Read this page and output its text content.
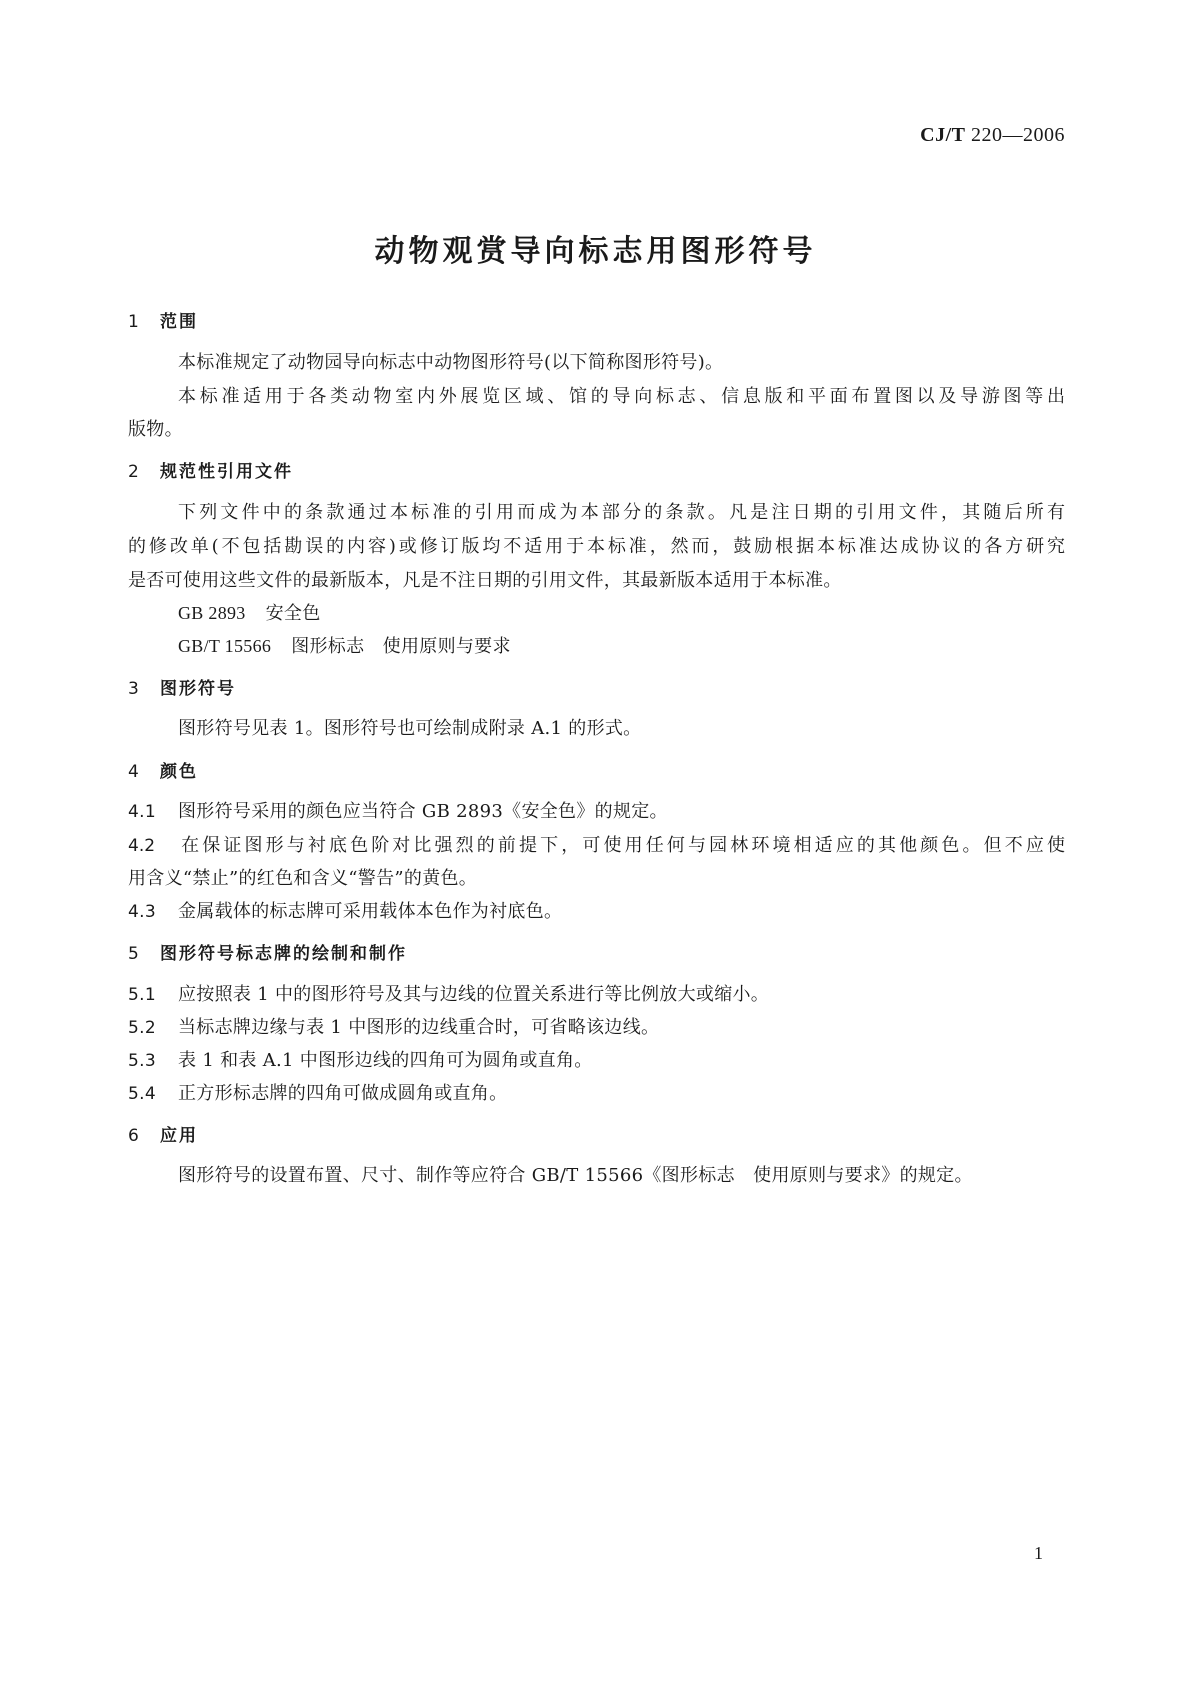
CJ/T 220—2006
动物观赏导向标志用图形符号
1 范围
本标准规定了动物园导向标志中动物图形符号(以下简称图形符号)。
本标准适用于各类动物室内外展览区域、馆的导向标志、信息版和平面布置图以及导游图等出
版物。
2 规范性引用文件
下列文件中的条款通过本标准的引用而成为本部分的条款。凡是注日期的引用文件，其随后所有
的修改单(不包括勘误的内容)或修订版均不适用于本标准，然而，鼓励根据本标准达成协议的各方研究
是否可使用这些文件的最新版本，凡是不注日期的引用文件，其最新版本适用于本标准。
GB 2893 安全色
GB/T 15566 图形标志　使用原则与要求
3 图形符号
图形符号见表 1。图形符号也可绘制成附录 A.1 的形式。
4 颜色
4.1 图形符号采用的颜色应当符合 GB 2893《安全色》的规定。
4.2 在保证图形与衬底色阶对比强烈的前提下，可使用任何与园林环境相适应的其他颜色。但不应使
用含义“禁止”的红色和含义“警告”的黄色。
4.3 金属载体的标志牌可采用载体本色作为衬底色。
5 图形符号标志牌的绘制和制作
5.1 应按照表 1 中的图形符号及其与边线的位置关系进行等比例放大或缩小。
5.2 当标志牌边缘与表 1 中图形的边线重合时，可省略该边线。
5.3 表 1 和表 A.1 中图形边线的四角可为圆角或直角。
5.4 正方形标志牌的四角可做成圆角或直角。
6 应用
图形符号的设置布置、尺寸、制作等应符合 GB/T 15566《图形标志　使用原则与要求》的规定。
1
